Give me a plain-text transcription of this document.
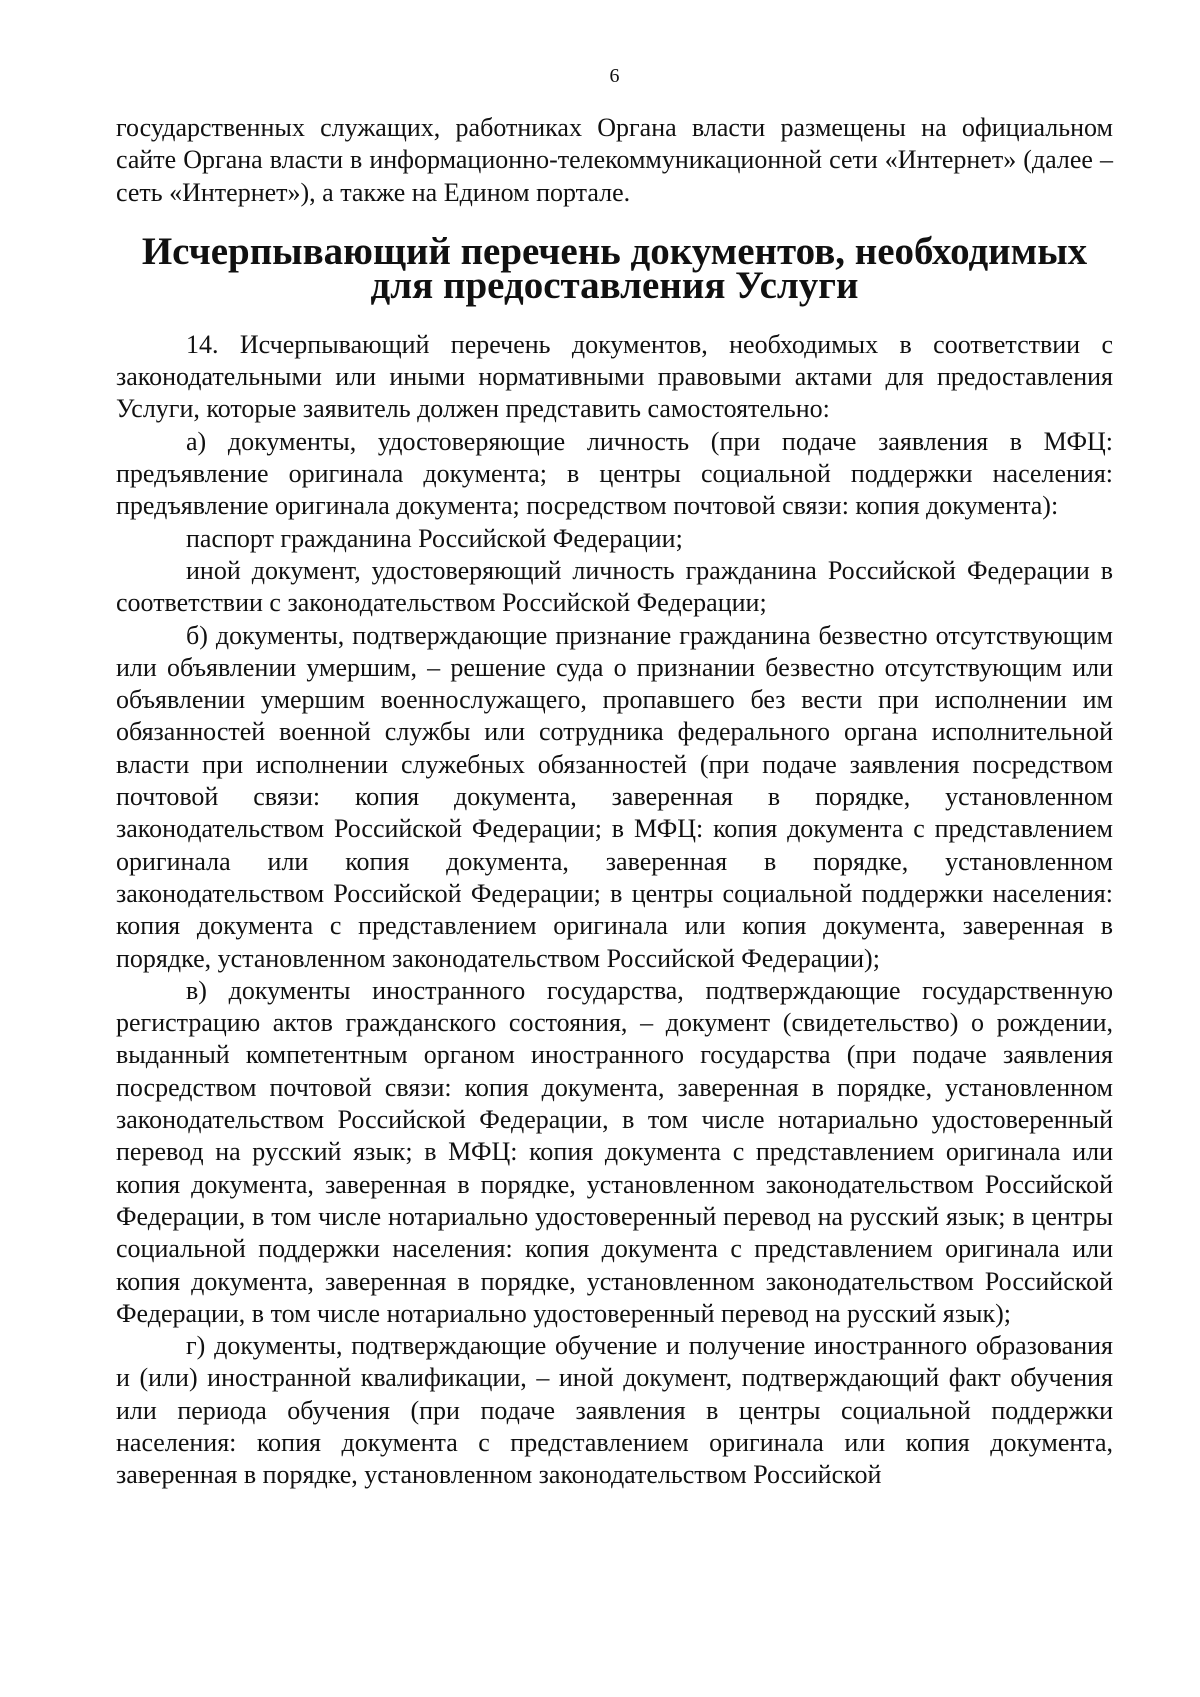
6

государственных служащих, работниках Органа власти размещены на официальном сайте Органа власти в информационно-телекоммуникационной сети «Интернет» (далее – сеть «Интернет»), а также на Едином портале.

Исчерпывающий перечень документов, необходимых для предоставления Услуги

14. Исчерпывающий перечень документов, необходимых в соответствии с законодательными или иными нормативными правовыми актами для предоставления Услуги, которые заявитель должен представить самостоятельно:

а) документы, удостоверяющие личность (при подаче заявления в МФЦ: предъявление оригинала документа; в центры социальной поддержки населения: предъявление оригинала документа; посредством почтовой связи: копия документа):

паспорт гражданина Российской Федерации;

иной документ, удостоверяющий личность гражданина Российской Федерации в соответствии с законодательством Российской Федерации;

б) документы, подтверждающие признание гражданина безвестно отсутствующим или объявлении умершим, – решение суда о признании безвестно отсутствующим или объявлении умершим военнослужащего, пропавшего без вести при исполнении им обязанностей военной службы или сотрудника федерального органа исполнительной власти при исполнении служебных обязанностей (при подаче заявления посредством почтовой связи: копия документа, заверенная в порядке, установленном законодательством Российской Федерации; в МФЦ: копия документа с представлением оригинала или копия документа, заверенная в порядке, установленном законодательством Российской Федерации; в центры социальной поддержки населения: копия документа с представлением оригинала или копия документа, заверенная в порядке, установленном законодательством Российской Федерации);

в) документы иностранного государства, подтверждающие государственную регистрацию актов гражданского состояния, – документ (свидетельство) о рождении, выданный компетентным органом иностранного государства (при подаче заявления посредством почтовой связи: копия документа, заверенная в порядке, установленном законодательством Российской Федерации, в том числе нотариально удостоверенный перевод на русский язык; в МФЦ: копия документа с представлением оригинала или копия документа, заверенная в порядке, установленном законодательством Российской Федерации, в том числе нотариально удостоверенный перевод на русский язык; в центры социальной поддержки населения: копия документа с представлением оригинала или копия документа, заверенная в порядке, установленном законодательством Российской Федерации, в том числе нотариально удостоверенный перевод на русский язык);

г) документы, подтверждающие обучение и получение иностранного образования и (или) иностранной квалификации, – иной документ, подтверждающий факт обучения или периода обучения (при подаче заявления в центры социальной поддержки населения: копия документа с представлением оригинала или копия документа, заверенная в порядке, установленном законодательством Российской
